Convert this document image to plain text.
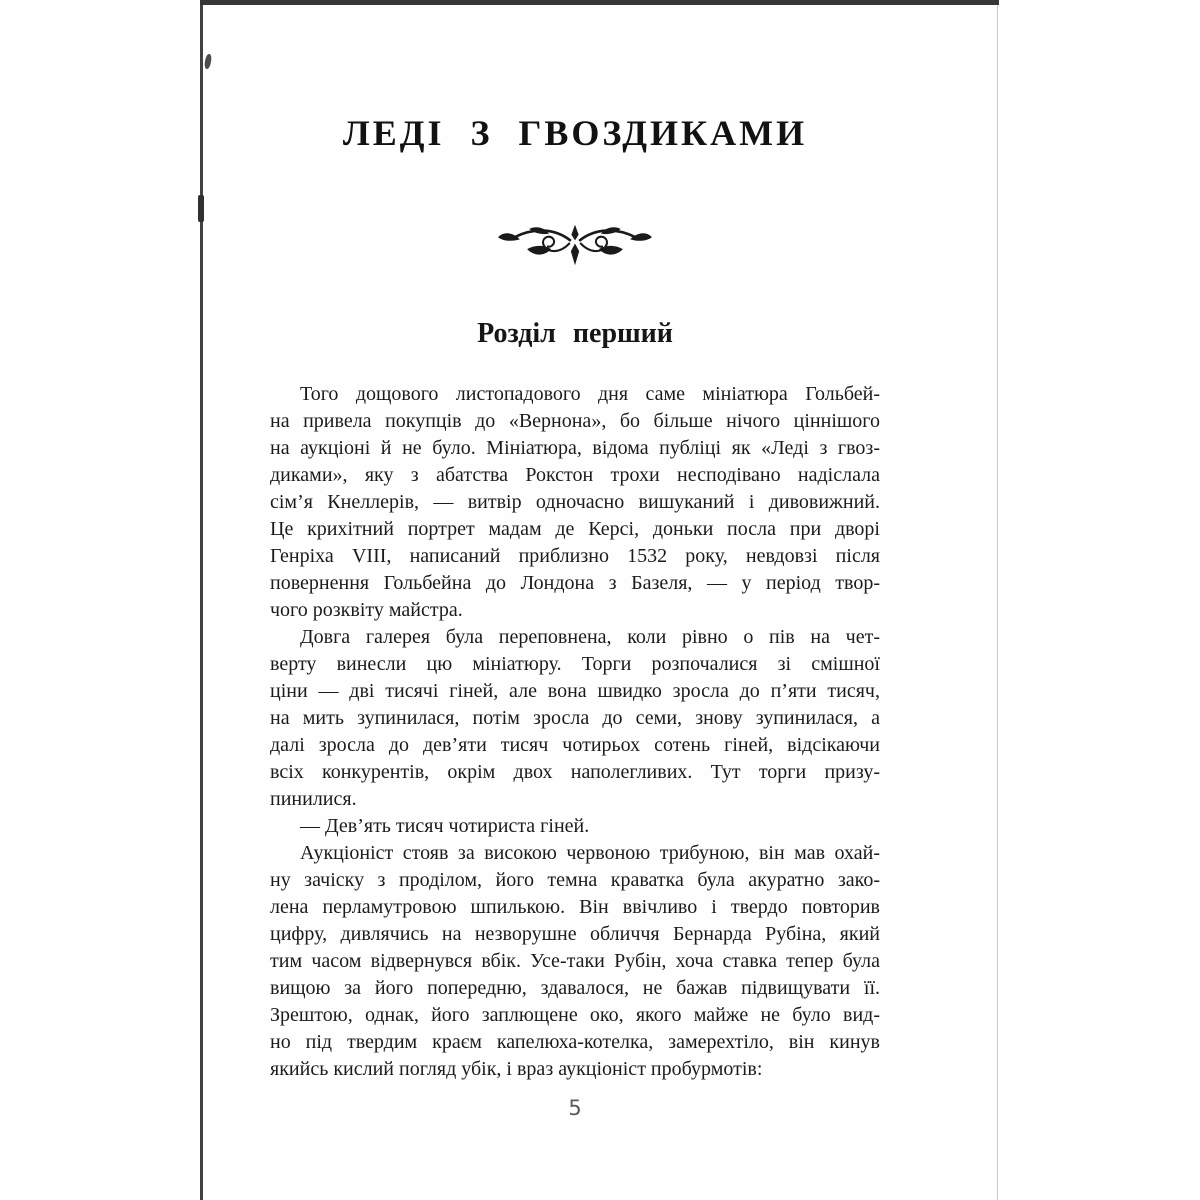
ЛЕДІ З ГВОЗДИКАМИ
Розділ перший
Того дощового листопадового дня саме мініатюра Гольбей-
на привела покупців до «Вернона», бо більше нічого ціннішого
на аукціоні й не було. Мініатюра, відома публіці як «Леді з гвоз-
диками», яку з абатства Рокстон трохи несподівано надіслала
сім’я Кнеллерів, — витвір одночасно вишуканий і дивовижний.
Це крихітний портрет мадам де Керсі, доньки посла при дворі
Генріха VIII, написаний приблизно 1532 року, невдовзі після
повернення Гольбейна до Лондона з Базеля, — у період твор-
чого розквіту майстра.
Довга галерея була переповнена, коли рівно о пів на чет-
верту винесли цю мініатюру. Торги розпочалися зі смішної
ціни — дві тисячі гіней, але вона швидко зросла до п’яти тисяч,
на мить зупинилася, потім зросла до семи, знову зупинилася, а
далі зросла до дев’яти тисяч чотирьох сотень гіней, відсікаючи
всіх конкурентів, окрім двох наполегливих. Тут торги призу-
пинилися.
— Дев’ять тисяч чотириста гіней.
Аукціоніст стояв за високою червоною трибуною, він мав охай-
ну зачіску з проділом, його темна краватка була акуратно зако-
лена перламутровою шпилькою. Він ввічливо і твердо повторив
цифру, дивлячись на незворушне обличчя Бернарда Рубіна, який
тим часом відвернувся вбік. Усе-таки Рубін, хоча ставка тепер була
вищою за його попередню, здавалося, не бажав підвищувати її.
Зрештою, однак, його заплющене око, якого майже не було вид-
но під твердим краєм капелюха-котелка, замерехтіло, він кинув
якийсь кислий погляд убік, і враз аукціоніст пробурмотів:
5
